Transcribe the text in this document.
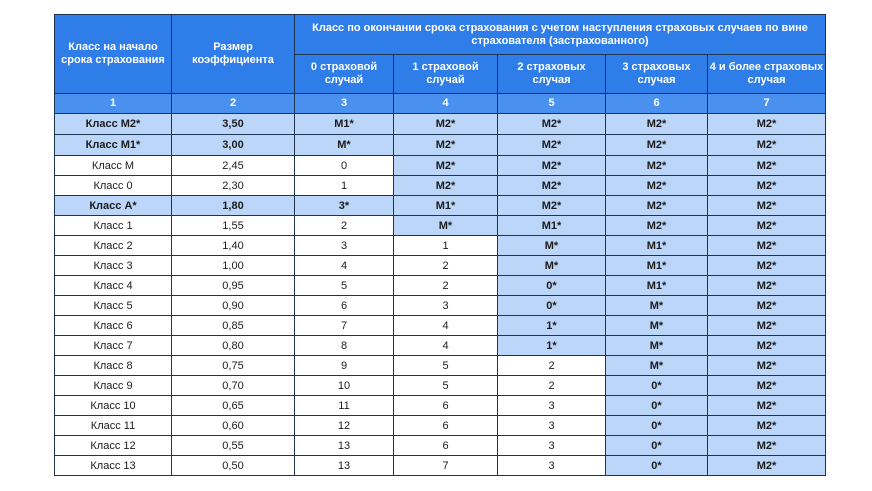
Класс на начало срока страхования	Размер коэффициента	Класс по окончании срока страхования с учетом наступления страховых случаев по вине страхователя (застрахованного)				
		0 страховой случай	1 страховой случай	2 страховых случая	3 страховых случая	4 и более страховых случая
1	2	3	4	5	6	7
Класс М2*	3,50	М1*	М2*	М2*	М2*	М2*
Класс М1*	3,00	М*	М2*	М2*	М2*	М2*
Класс М	2,45	0	М2*	М2*	М2*	М2*
Класс 0	2,30	1	М2*	М2*	М2*	М2*
Класс А*	1,80	3*	М1*	М2*	М2*	М2*
Класс 1	1,55	2	М*	М1*	М2*	М2*
Класс 2	1,40	3	1	М*	М1*	М2*
Класс 3	1,00	4	2	М*	М1*	М2*
Класс 4	0,95	5	2	0*	М1*	М2*
Класс 5	0,90	6	3	0*	М*	М2*
Класс 6	0,85	7	4	1*	М*	М2*
Класс 7	0,80	8	4	1*	М*	М2*
Класс 8	0,75	9	5	2	М*	М2*
Класс 9	0,70	10	5	2	0*	М2*
Класс 10	0,65	11	6	3	0*	М2*
Класс 11	0,60	12	6	3	0*	М2*
Класс 12	0,55	13	6	3	0*	М2*
Класс 13	0,50	13	7	3	0*	М2*
